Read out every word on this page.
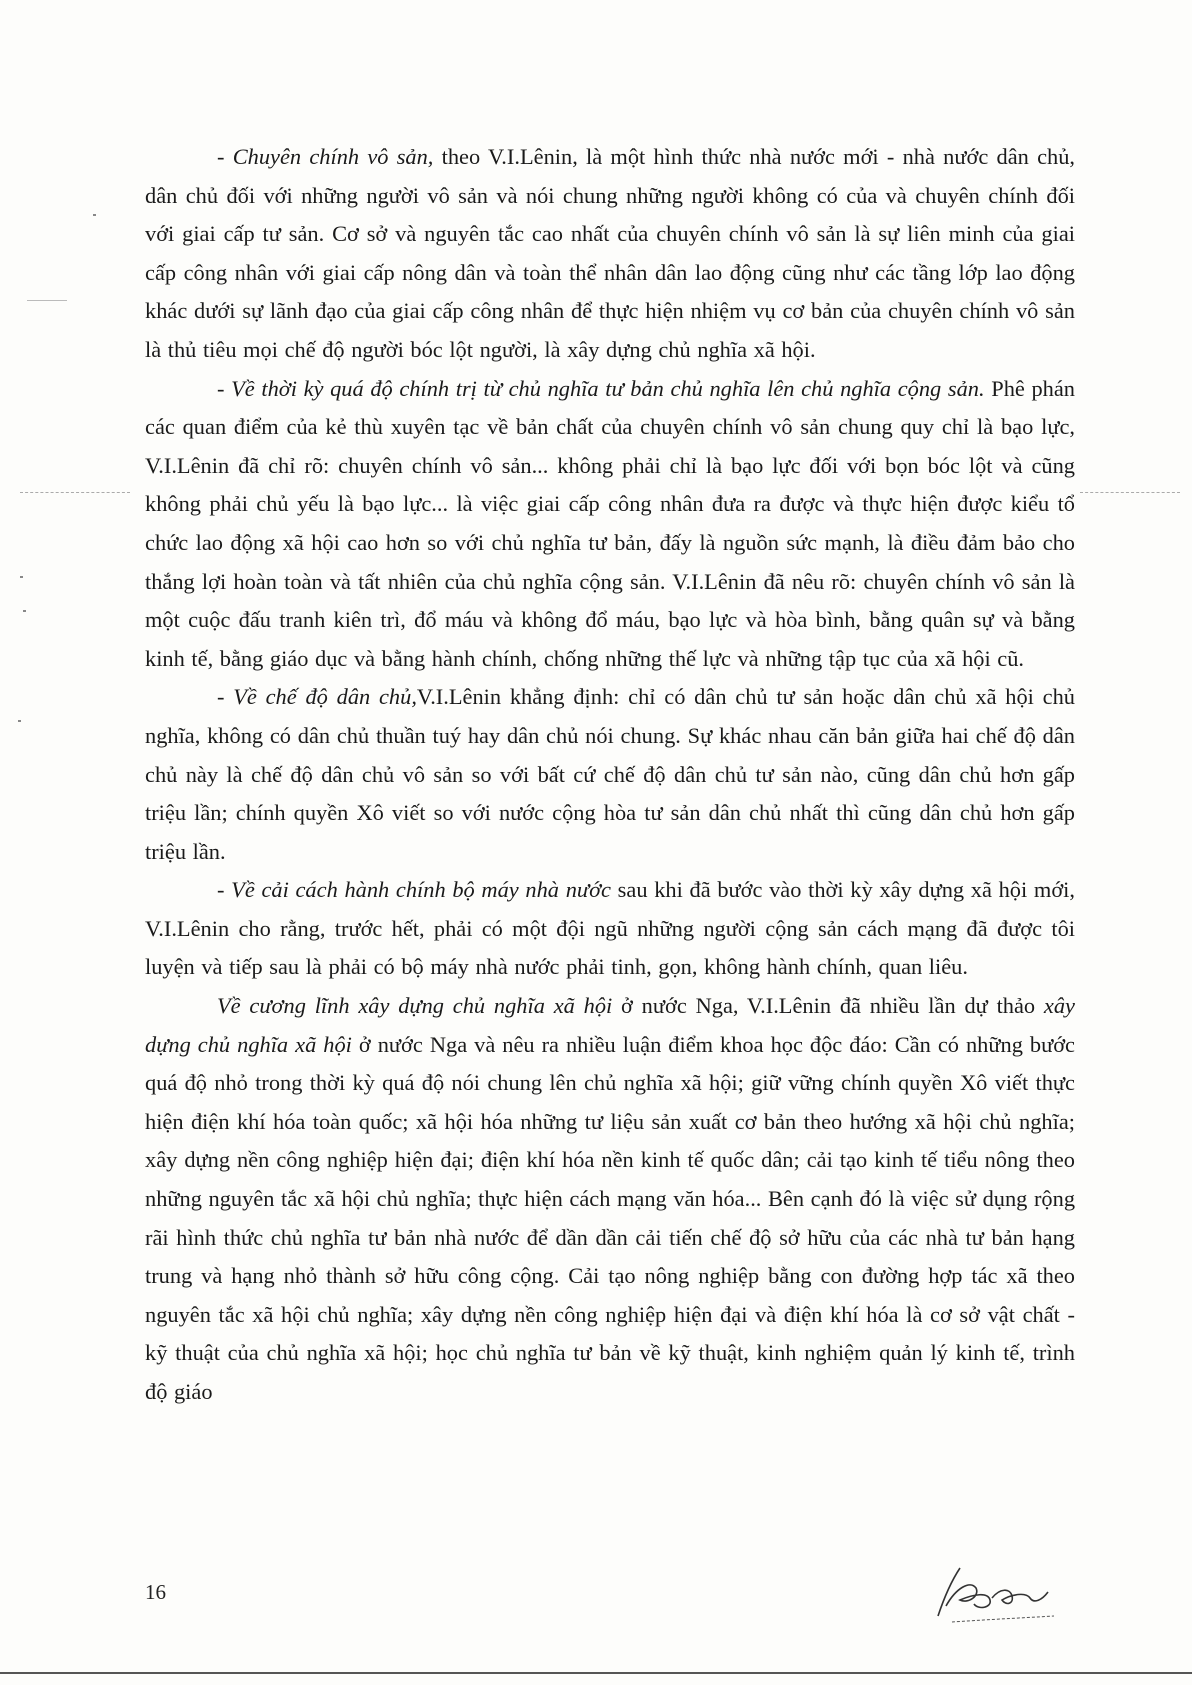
- Chuyên chính vô sản, theo V.I.Lênin, là một hình thức nhà nước mới - nhà nước dân chủ, dân chủ đối với những người vô sản và nói chung những người không có của và chuyên chính đối với giai cấp tư sản. Cơ sở và nguyên tắc cao nhất của chuyên chính vô sản là sự liên minh của giai cấp công nhân với giai cấp nông dân và toàn thể nhân dân lao động cũng như các tầng lớp lao động khác dưới sự lãnh đạo của giai cấp công nhân để thực hiện nhiệm vụ cơ bản của chuyên chính vô sản là thủ tiêu mọi chế độ người bóc lột người, là xây dựng chủ nghĩa xã hội.

- Về thời kỳ quá độ chính trị từ chủ nghĩa tư bản chủ nghĩa lên chủ nghĩa cộng sản. Phê phán các quan điểm của kẻ thù xuyên tạc về bản chất của chuyên chính vô sản chung quy chỉ là bạo lực, V.I.Lênin đã chỉ rõ: chuyên chính vô sản... không phải chỉ là bạo lực đối với bọn bóc lột và cũng không phải chủ yếu là bạo lực... là việc giai cấp công nhân đưa ra được và thực hiện được kiểu tổ chức lao động xã hội cao hơn so với chủ nghĩa tư bản, đấy là nguồn sức mạnh, là điều đảm bảo cho thắng lợi hoàn toàn và tất nhiên của chủ nghĩa cộng sản. V.I.Lênin đã nêu rõ: chuyên chính vô sản là một cuộc đấu tranh kiên trì, đổ máu và không đổ máu, bạo lực và hòa bình, bằng quân sự và bằng kinh tế, bằng giáo dục và bằng hành chính, chống những thế lực và những tập tục của xã hội cũ.

- Về chế độ dân chủ,V.I.Lênin khẳng định: chỉ có dân chủ tư sản hoặc dân chủ xã hội chủ nghĩa, không có dân chủ thuần tuý hay dân chủ nói chung. Sự khác nhau căn bản giữa hai chế độ dân chủ này là chế độ dân chủ vô sản so với bất cứ chế độ dân chủ tư sản nào, cũng dân chủ hơn gấp triệu lần; chính quyền Xô viết so với nước cộng hòa tư sản dân chủ nhất thì cũng dân chủ hơn gấp triệu lần.

- Về cải cách hành chính bộ máy nhà nước sau khi đã bước vào thời kỳ xây dựng xã hội mới, V.I.Lênin cho rằng, trước hết, phải có một đội ngũ những người cộng sản cách mạng đã được tôi luyện và tiếp sau là phải có bộ máy nhà nước phải tinh, gọn, không hành chính, quan liêu.

Về cương lĩnh xây dựng chủ nghĩa xã hội ở nước Nga, V.I.Lênin đã nhiều lần dự thảo xây dựng chủ nghĩa xã hội ở nước Nga và nêu ra nhiều luận điểm khoa học độc đáo: Cần có những bước quá độ nhỏ trong thời kỳ quá độ nói chung lên chủ nghĩa xã hội; giữ vững chính quyền Xô viết thực hiện điện khí hóa toàn quốc; xã hội hóa những tư liệu sản xuất cơ bản theo hướng xã hội chủ nghĩa; xây dựng nền công nghiệp hiện đại; điện khí hóa nền kinh tế quốc dân; cải tạo kinh tế tiểu nông theo những nguyên tắc xã hội chủ nghĩa; thực hiện cách mạng văn hóa... Bên cạnh đó là việc sử dụng rộng rãi hình thức chủ nghĩa tư bản nhà nước để dần dần cải tiến chế độ sở hữu của các nhà tư bản hạng trung và hạng nhỏ thành sở hữu công cộng. Cải tạo nông nghiệp bằng con đường hợp tác xã theo nguyên tắc xã hội chủ nghĩa; xây dựng nền công nghiệp hiện đại và điện khí hóa là cơ sở vật chất - kỹ thuật của chủ nghĩa xã hội; học chủ nghĩa tư bản về kỹ thuật, kinh nghiệm quản lý kinh tế, trình độ giáo

16
